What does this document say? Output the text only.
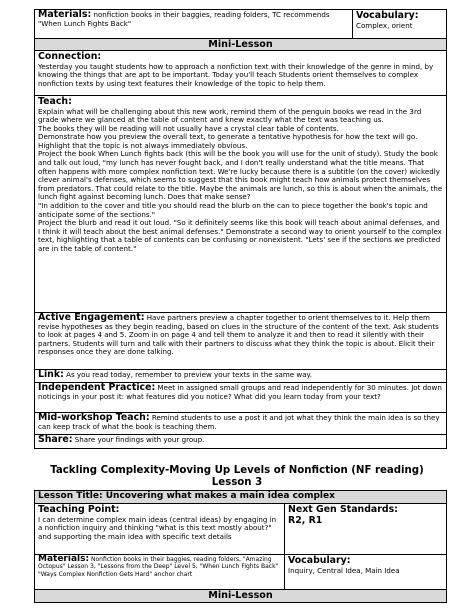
Materials: nonfiction books in their baggies, reading folders, TC recommends "When Lunch Fights Back"
Vocabulary:
Complex, orient
Mini-Lesson
Connection:
Yesterday you taught students how to approach a nonfiction text with their knowledge of the genre in mind, by knowing the things that are apt to be important. Today you'll teach Students orient themselves to complex nonfiction texts by using text features their knowledge of the topic to help them.
Teach:
Explain what will be challenging about this new work, remind them of the penguin books we read in the 3rd grade where we glanced at the table of content and knew exactly what the text was teaching us.
The books they will be reading will not usually have a crystal clear table of contents.
Demonstrate how you preview the overall text, to generate a tentative hypothesis for how the text will go. Highlight that the topic is not always immediately obvious.
Project the book When Lunch fights back (this will be the book you will use for the unit of study). Study the book and talk out loud, "my lunch has never fought back, and I don't really understand what the title means. That often happens with more complex nonfiction text. We're lucky because there is a subtitle (on the cover) wickedly clever animal's defenses, which seems to suggest that this book might teach how animals protect themselves from predators. That could relate to the title. Maybe the animals are lunch, so this is about when the animals, the lunch fight against becoming lunch. Does that make sense?
"In addition to the cover and title you should read the blurb on the can to piece together the book's topic and anticipate some of the sections."
Project the blurb and read it out loud. "So it definitely seems like this book will teach about animal defenses, and I think it will teach about the best animal defenses." Demonstrate a second way to orient yourself to the complex text, highlighting that a table of contents can be confusing or nonexistent. "Lets' see if the sections we predicted are in the table of content."
Active Engagement: Have partners preview a chapter together to orient themselves to it. Help them revise hypotheses as they begin reading, based on clues in the structure of the content of the text. Ask students to look at pages 4 and 5. Zoom in on page 4 and tell them to analyze it and then to read it silently with their partners. Students will turn and talk with their partners to discuss what they think the topic is about. Elicit their responses once they are done talking.
Link: As you read today, remember to preview your texts in the same way.
Independent Practice: Meet in assigned small groups and read independently for 30 minutes. Jot down noticings in your post it: what features did you notice? What did you learn today from your text?
Mid-workshop Teach: Remind students to use a post it and jot what they think the main idea is so they can keep track of what the book is teaching them.
Share: Share your findings with your group.
Tackling Complexity-Moving Up Levels of Nonfiction (NF reading)
Lesson 3
Lesson Title: Uncovering what makes a main idea complex
Teaching Point:
I can determine complex main ideas (central ideas) by engaging in a nonfiction inquiry and thinking "what is this text mostly about?" and supporting the main idea with specific text details
Next Gen Standards:
R2, R1
Materials: Nonfiction books in their baggies, reading folders, "Amazing Octopus" Lesson 3, "Lessons from the Deep" Level 5, "When Lunch Fights Back"
"Ways Complex Nonfiction Gets Hard" anchor chart
Vocabulary:
Inquiry, Central Idea, Main Idea
Mini-Lesson
